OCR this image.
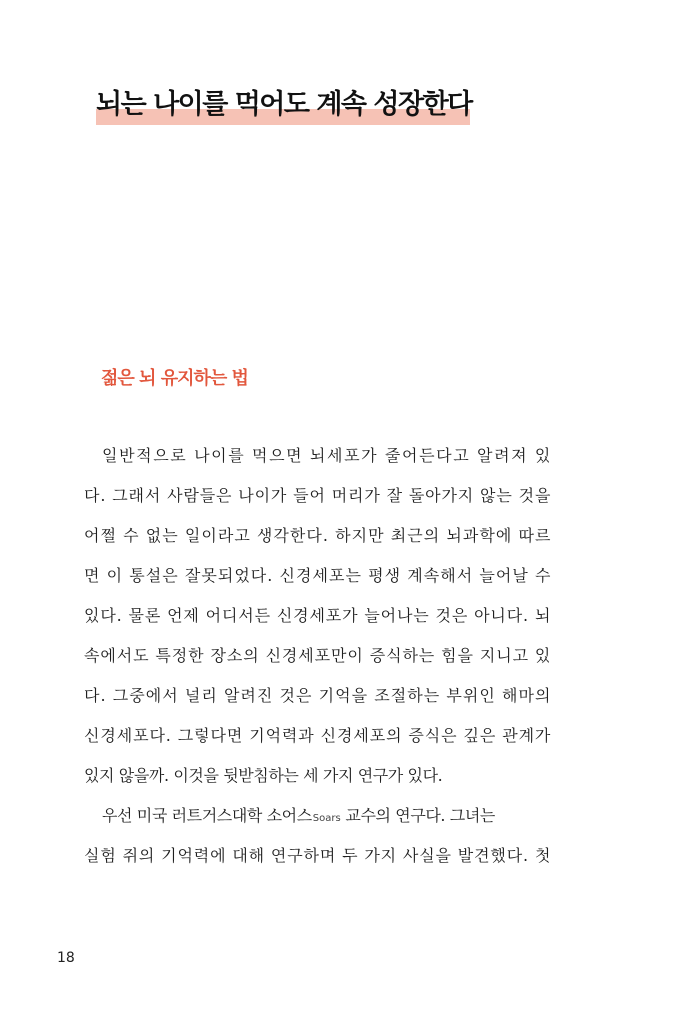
뇌는 나이를 먹어도 계속 성장한다
젊은 뇌 유지하는 법
일반적으로 나이를 먹으면 뇌세포가 줄어든다고 알려져 있
다. 그래서 사람들은 나이가 들어 머리가 잘 돌아가지 않는 것을
어쩔 수 없는 일이라고 생각한다. 하지만 최근의 뇌과학에 따르
면 이 통설은 잘못되었다. 신경세포는 평생 계속해서 늘어날 수
있다. 물론 언제 어디서든 신경세포가 늘어나는 것은 아니다. 뇌
속에서도 특정한 장소의 신경세포만이 증식하는 힘을 지니고 있
다. 그중에서 널리 알려진 것은 기억을 조절하는 부위인 해마의
신경세포다. 그렇다면 기억력과 신경세포의 증식은 깊은 관계가
있지 않을까. 이것을 뒷받침하는 세 가지 연구가 있다.
우선 미국 러트거스대학 소어스Soars 교수의 연구다. 그녀는
실험 쥐의 기억력에 대해 연구하며 두 가지 사실을 발견했다. 첫
18
